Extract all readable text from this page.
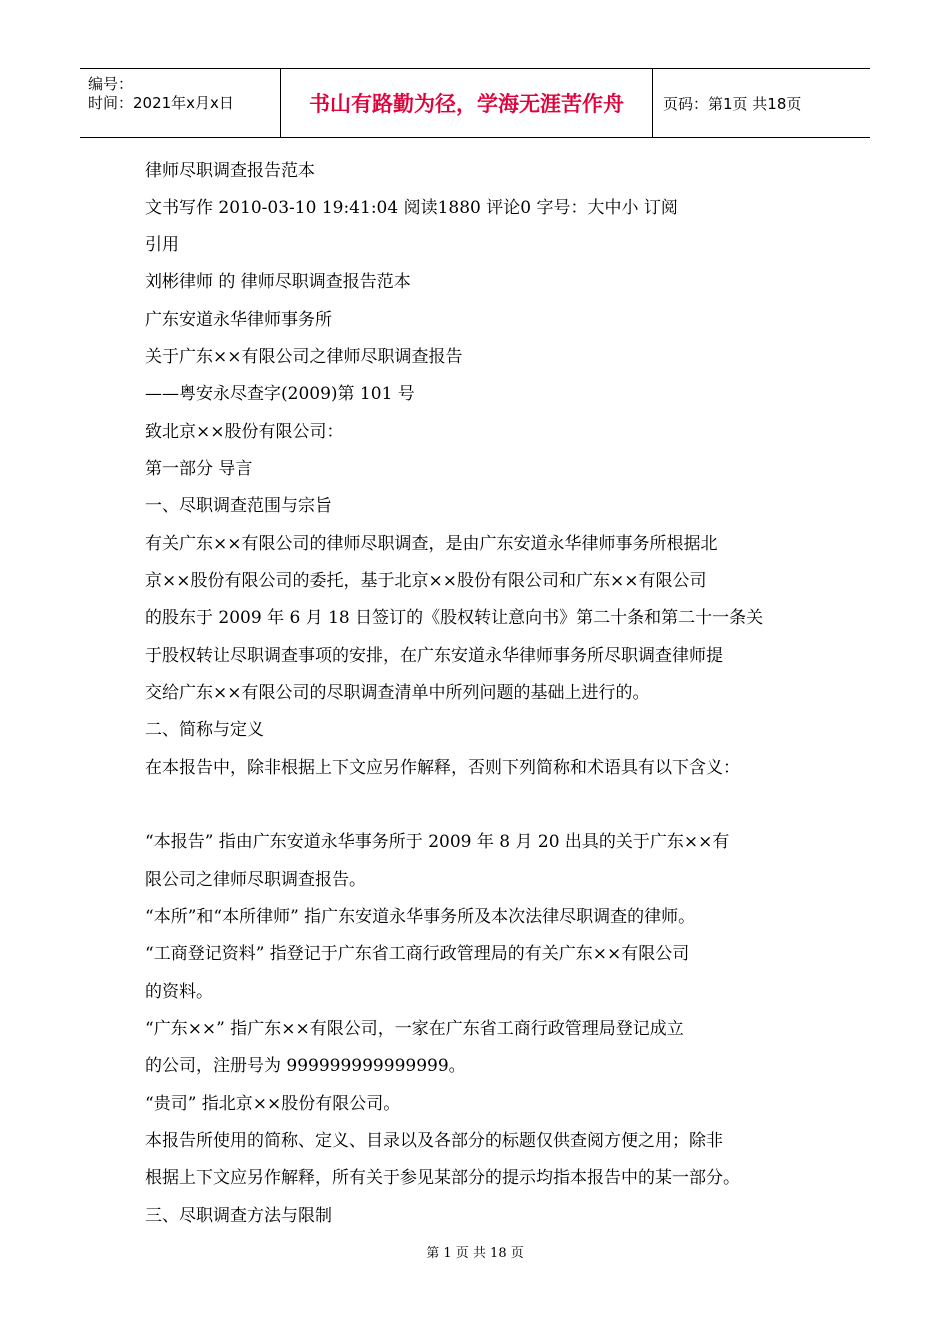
编号：
时间：2021年x月x日	书山有路勤为径，学海无涯苦作舟	页码：第1页 共18页
律师尽职调查报告范本
文书写作 2010-03-10 19:41:04 阅读1880 评论0 字号：大中小 订阅
引用
刘彬律师 的 律师尽职调查报告范本
广东安道永华律师事务所
关于广东××有限公司之律师尽职调查报告
——粤安永尽查字(2009)第 101 号
致北京××股份有限公司：
第一部分 导言
一、尽职调查范围与宗旨
有关广东××有限公司的律师尽职调查，是由广东安道永华律师事务所根据北
京××股份有限公司的委托，基于北京××股份有限公司和广东××有限公司
的股东于 2009 年 6 月 18 日签订的《股权转让意向书》第二十条和第二十一条关
于股权转让尽职调查事项的安排，在广东安道永华律师事务所尽职调查律师提
交给广东××有限公司的尽职调查清单中所列问题的基础上进行的。
二、简称与定义
在本报告中，除非根据上下文应另作解释，否则下列简称和术语具有以下含义：
“本报告” 指由广东安道永华事务所于 2009 年 8 月 20 出具的关于广东××有
限公司之律师尽职调查报告。
“本所”和“本所律师” 指广东安道永华事务所及本次法律尽职调查的律师。
“工商登记资料” 指登记于广东省工商行政管理局的有关广东××有限公司
的资料。
“广东××” 指广东××有限公司，一家在广东省工商行政管理局登记成立
的公司，注册号为 999999999999999。
“贵司” 指北京××股份有限公司。
本报告所使用的简称、定义、目录以及各部分的标题仅供查阅方便之用；除非
根据上下文应另作解释，所有关于参见某部分的提示均指本报告中的某一部分。
三、尽职调查方法与限制
第 1 页 共 18 页
